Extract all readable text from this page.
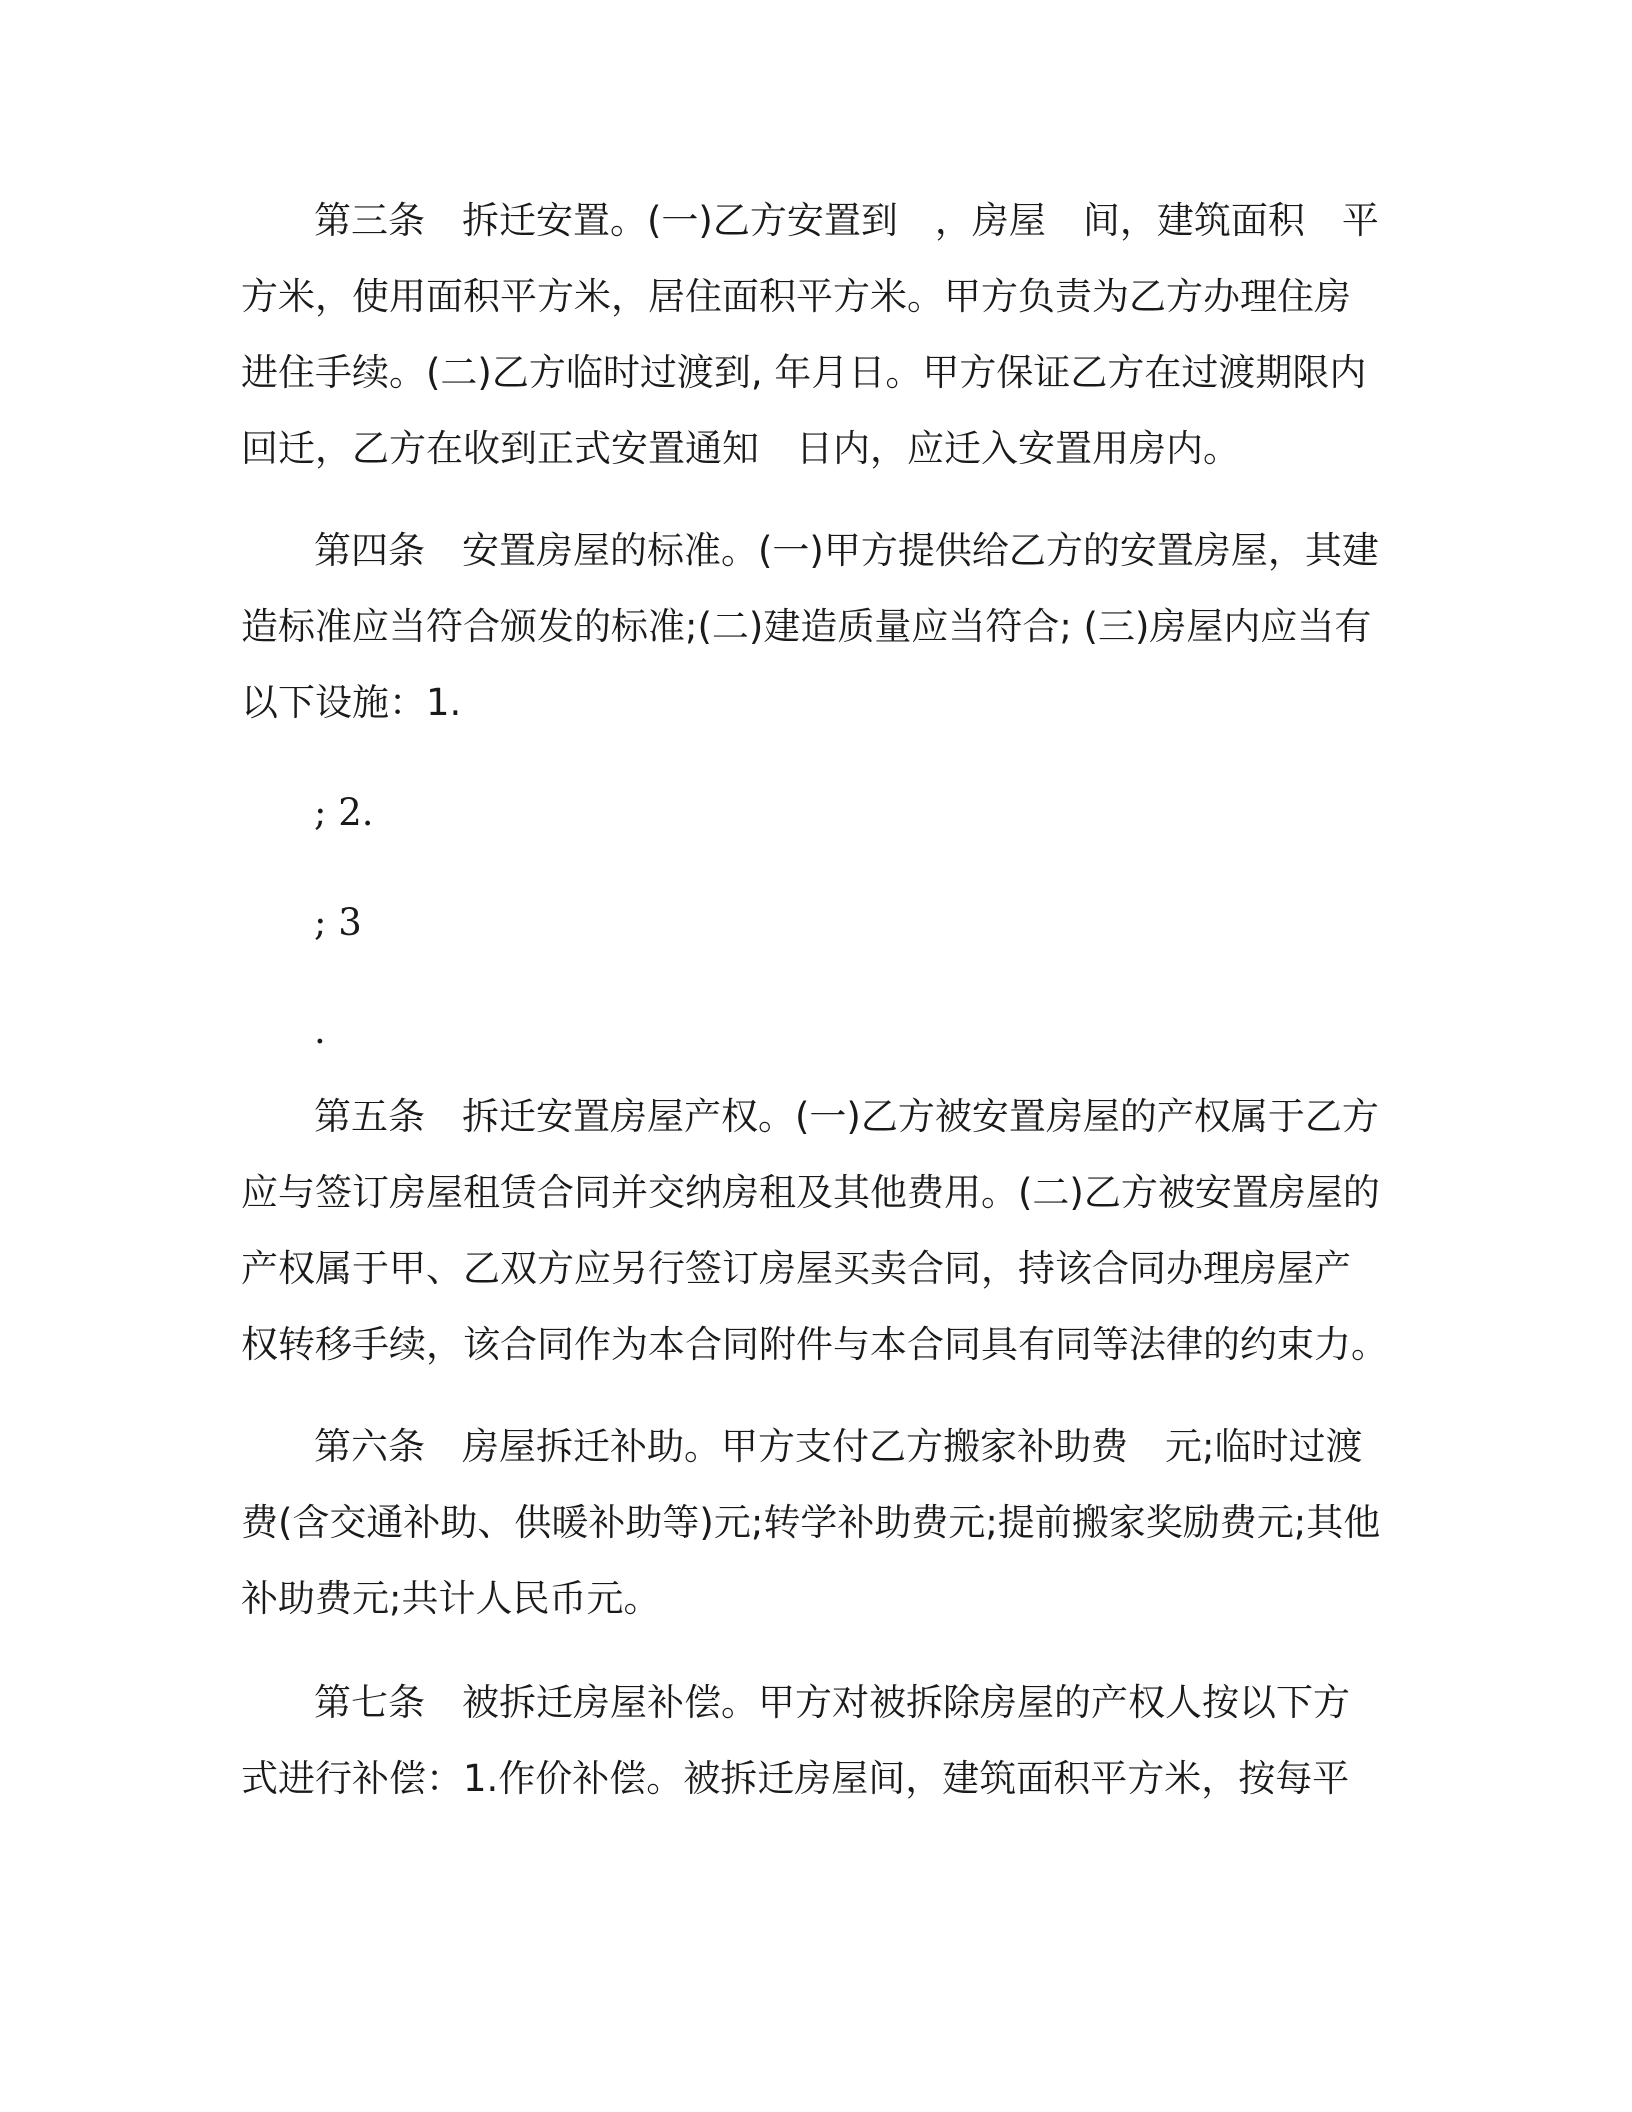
第三条　拆迁安置。(一)乙方安置到　，房屋　间，建筑面积　平
方米，使用面积平方米，居住面积平方米。甲方负责为乙方办理住房
进住手续。(二)乙方临时过渡到, 年月日。甲方保证乙方在过渡期限内
回迁，乙方在收到正式安置通知　日内，应迁入安置用房内。
第四条　安置房屋的标准。(一)甲方提供给乙方的安置房屋，其建
造标准应当符合颁发的标准;(二)建造质量应当符合; (三)房屋内应当有
以下设施：1.
; 2.
; 3
.
第五条　拆迁安置房屋产权。(一)乙方被安置房屋的产权属于乙方
应与签订房屋租赁合同并交纳房租及其他费用。(二)乙方被安置房屋的
产权属于甲、乙双方应另行签订房屋买卖合同，持该合同办理房屋产
权转移手续，该合同作为本合同附件与本合同具有同等法律的约束力。
第六条　房屋拆迁补助。甲方支付乙方搬家补助费　元;临时过渡
费(含交通补助、供暖补助等)元;转学补助费元;提前搬家奖励费元;其他
补助费元;共计人民币元。
第七条　被拆迁房屋补偿。甲方对被拆除房屋的产权人按以下方
式进行补偿：1.作价补偿。被拆迁房屋间，建筑面积平方米，按每平
